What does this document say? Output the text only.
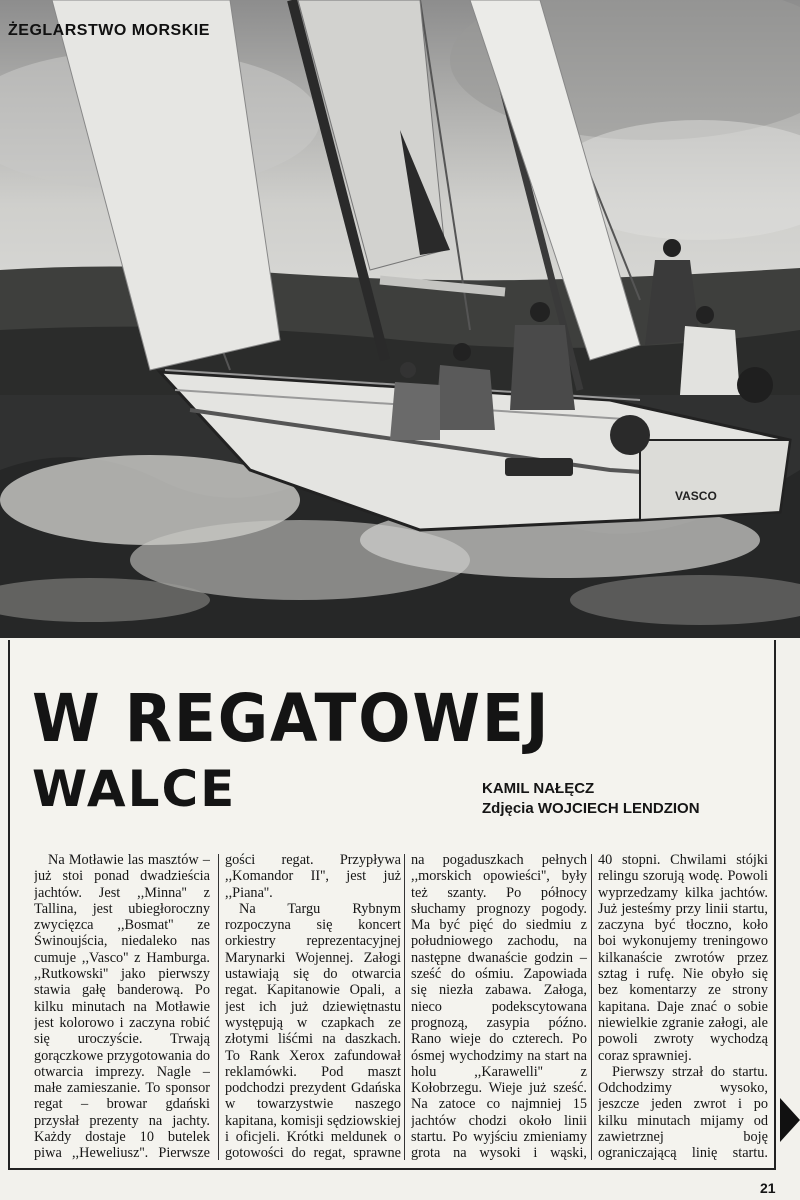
VASCO
ŻEGLARSTWO MORSKIE
W REGATOWEJ
WALCE	KAMIL NAŁĘCZ
Zdjęcia WOJCIECH LENDZION

Na Motławie las masztów – już stoi ponad dwadzieścia jachtów. Jest ,,Minna'' z Tallina, jest ubiegłoroczny zwycięzca ,,Bosmat'' ze Świnoujścia, niedaleko nas cumuje ,,Vasco'' z Hamburga. ,,Rutkowski'' jako pierwszy stawia gałę banderową. Po kilku minutach na Motławie jest kolorowo i zaczyna robić się uroczyście. Trwają gorączkowe przygotowania do otwarcia imprezy. Nagle – małe zamieszanie. To sponsor regat – browar gdański przysłał prezenty na jachty. Każdy dostaje 10 butelek piwa ,,Heweliusz''. Pierwsze

gości regat. Przypływa ,,Komandor II'', jest już ,,Piana''.

Na Targu Rybnym rozpoczyna się koncert orkiestry reprezentacyjnej Marynarki Wojennej. Załogi ustawiają się do otwarcia regat. Kapitanowie Opali, a jest ich już dziewiętnastu występują w czapkach ze złotymi liśćmi na daszkach. To Rank Xerox zafundował reklamówki. Pod maszt podchodzi prezydent Gdańska w towarzystwie naszego kapitana, komisji sędziowskiej i oficjeli. Krótki meldunek o gotowości do regat, sprawne

na pogaduszkach pełnych ,,morskich opowieści'', były też szanty. Po północy słuchamy prognozy pogody. Ma być pięć do siedmiu z południowego zachodu, na następne dwanaście godzin – sześć do ośmiu. Zapowiada się niezła zabawa. Załoga, nieco podekscytowana prognozą, zasypia późno. Rano wieje do czterech. Po ósmej wychodzimy na start na holu ,,Karawelli'' z Kołobrzegu. Wieje już sześć. Na zatoce co najmniej 15 jachtów chodzi około linii startu. Po wyjściu zmieniamy grota na wysoki i wąski,

40 stopni. Chwilami stójki relingu szorują wodę. Powoli wyprzedzamy kilka jachtów. Już jesteśmy przy linii startu, zaczyna być tłoczno, koło boi wykonujemy treningowo kilkanaście zwrotów przez sztag i rufę. Nie obyło się bez komentarzy ze strony kapitana. Daje znać o sobie niewielkie zgranie załogi, ale powoli zwroty wychodzą coraz sprawniej.

Pierwszy strzał do startu. Odchodzimy wysoko, jeszcze jeden zwrot i po kilku minutach mijamy od zawietrznej boję ograniczającą linię startu.

21
